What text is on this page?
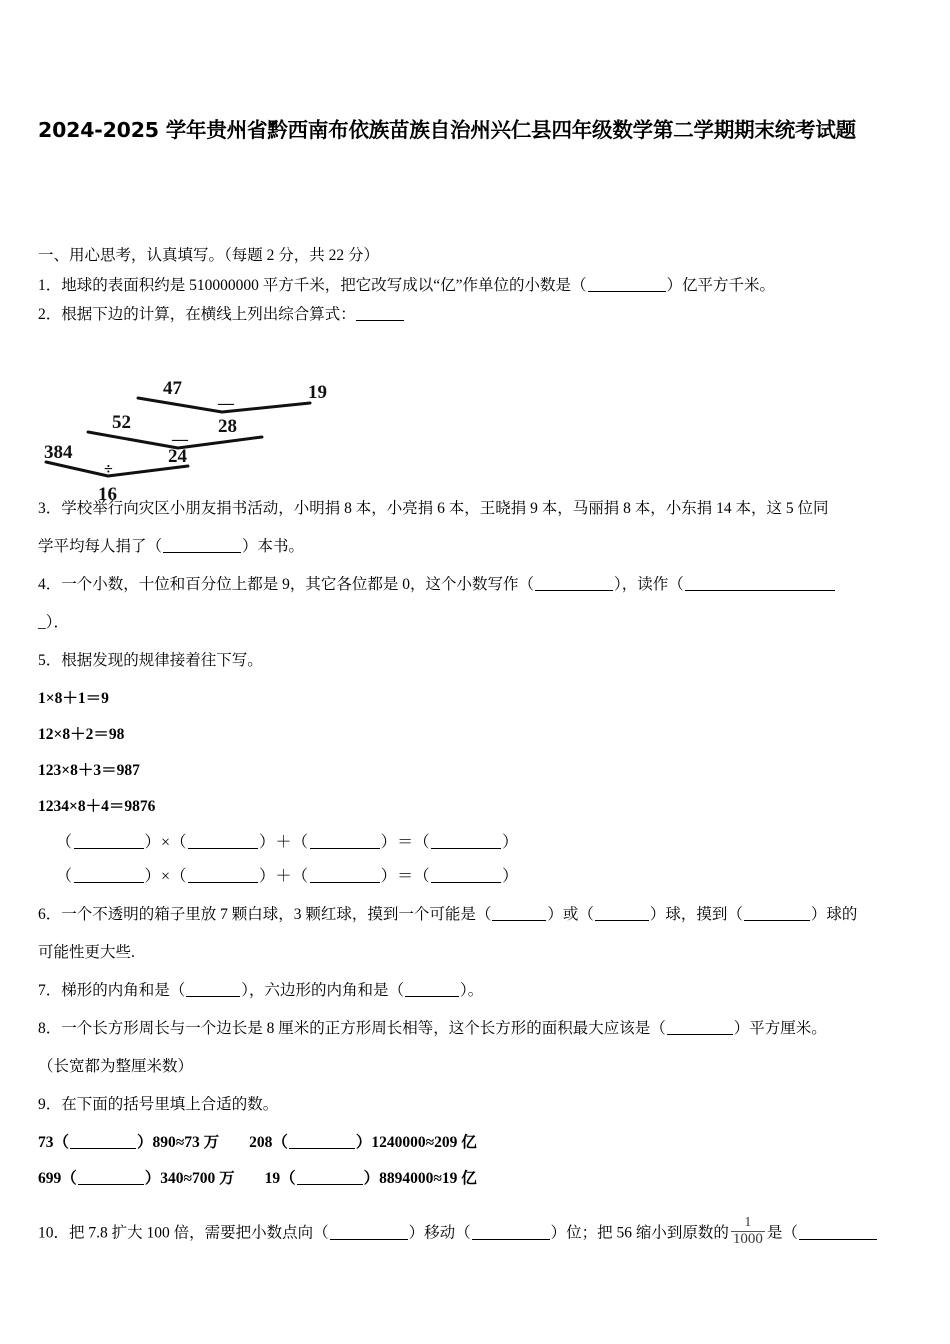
2024-2025 学年贵州省黔西南布依族苗族自治州兴仁县四年级数学第二学期期末统考试题
47	19
—
52	28
—
384	24
÷
16
一、用心思考，认真填写。（每题 2 分，共 22 分）
1．地球的表面积约是 510000000 平方千米，把它改写成以“亿”作单位的小数是（	）亿平方千米。
2．根据下边的计算，在横线上列出综合算式：
3．学校举行向灾区小朋友捐书活动，小明捐 8 本，小亮捐 6 本，王晓捐 9 本，马丽捐 8 本，小东捐 14 本，这 5 位同
学平均每人捐了（	）本书。
4．一个小数，十位和百分位上都是 9，其它各位都是 0，这个小数写作（	），读作（
_）．
5．根据发现的规律接着往下写。
1×8＋1＝9
12×8＋2＝98
123×8＋3＝987
1234×8＋4＝9876
（	）×（	）＋（	）＝（	）
（	）×（	）＋（	）＝（	）
6．一个不透明的箱子里放 7 颗白球，3 颗红球，摸到一个可能是（	）或（	）球，摸到（	）球的
可能性更大些.
7．梯形的内角和是（	），六边形的内角和是（	）。
8．一个长方形周长与一个边长是 8 厘米的正方形周长相等，这个长方形的面积最大应该是（	）平方厘米。
（长宽都为整厘米数）
9．在下面的括号里填上合适的数。
73（	）890≈73 万 208（	）1240000≈209 亿
699（	）340≈700 万 19（	）8894000≈19 亿
10．把 7.8 扩大 100 倍，需要把小数点向（	）移动（	）位；把 56 缩小到原数的 $\frac{1}{1000}$ 是（
